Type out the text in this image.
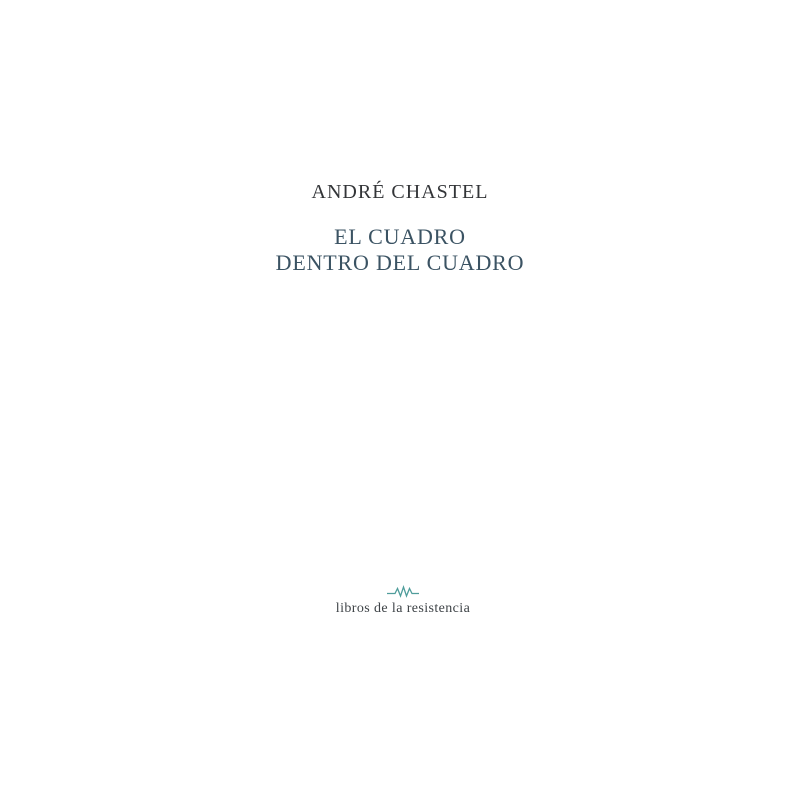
ANDRÉ CHASTEL
EL CUADRO
DENTRO DEL CUADRO
libros de la resistencia
